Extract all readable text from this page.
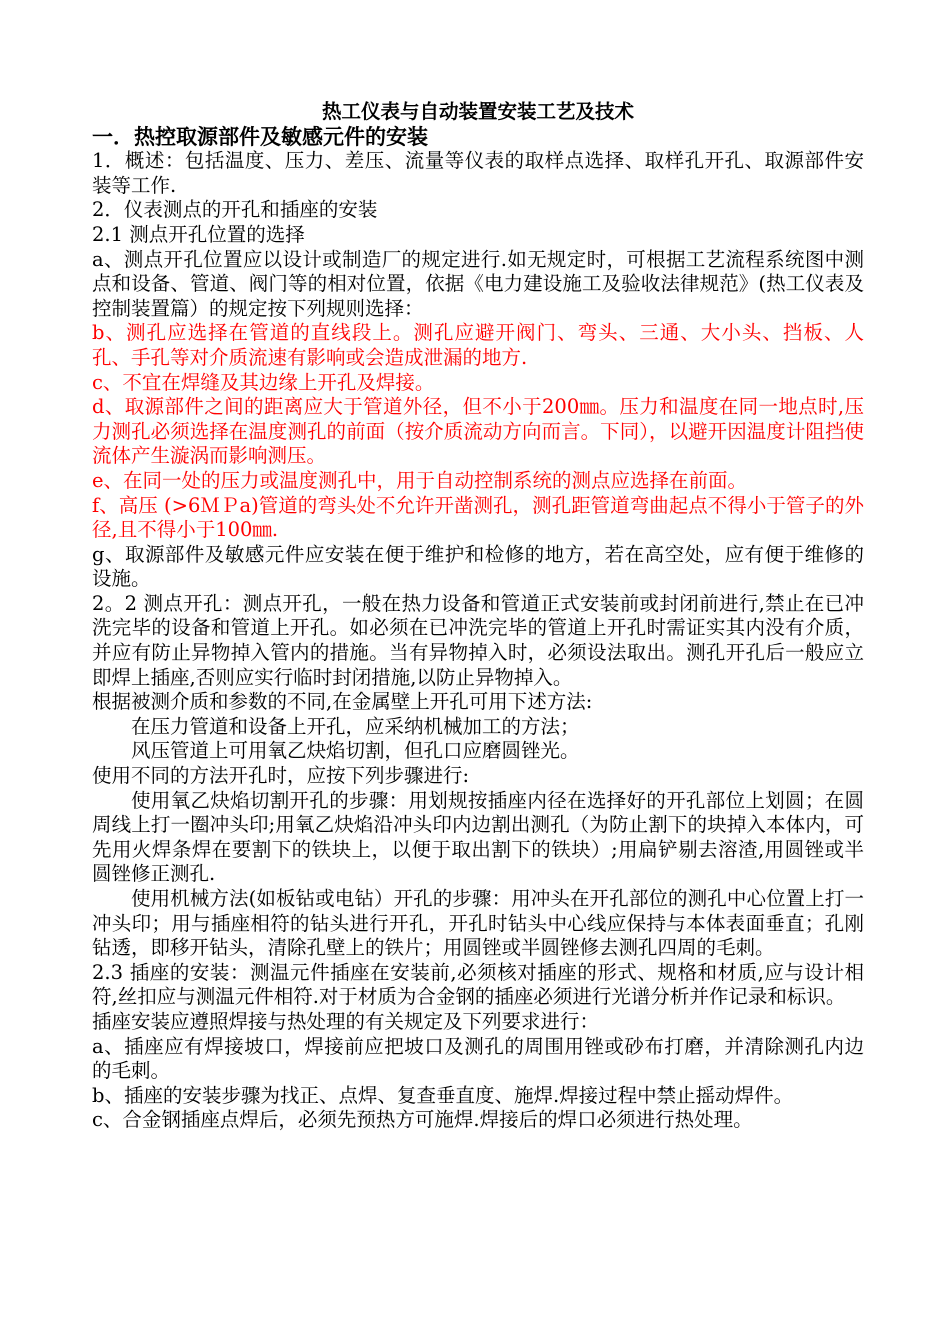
热工仪表与自动装置安装工艺及技术

一．热控取源部件及敏感元件的安装

1．概述：包括温度、压力、差压、流量等仪表的取样点选择、取样孔开孔、取源部件安装等工作.

2．仪表测点的开孔和插座的安装

2.1 测点开孔位置的选择

a、测点开孔位置应以设计或制造厂的规定进行.如无规定时，可根据工艺流程系统图中测点和设备、管道、阀门等的相对位置，依据《电力建设施工及验收法律规范》(热工仪表及控制装置篇）的规定按下列规则选择：

b、测孔应选择在管道的直线段上。测孔应避开阀门、弯头、三通、大小头、挡板、人孔、手孔等对介质流速有影响或会造成泄漏的地方.

c、不宜在焊缝及其边缘上开孔及焊接。

d、取源部件之间的距离应大于管道外径，但不小于200㎜。压力和温度在同一地点时,压力测孔必须选择在温度测孔的前面（按介质流动方向而言。下同），以避开因温度计阻挡使流体产生漩涡而影响测压。

e、在同一处的压力或温度测孔中，用于自动控制系统的测点应选择在前面。

f、高压 (>6ＭＰa)管道的弯头处不允许开凿测孔，测孔距管道弯曲起点不得小于管子的外径,且不得小于100㎜.

g、取源部件及敏感元件应安装在便于维护和检修的地方，若在高空处，应有便于维修的设施。

2。2 测点开孔：测点开孔，一般在热力设备和管道正式安装前或封闭前进行,禁止在已冲洗完毕的设备和管道上开孔。如必须在已冲洗完毕的管道上开孔时需证实其内没有介质，并应有防止异物掉入管内的措施。当有异物掉入时，必须设法取出。测孔开孔后一般应立即焊上插座,否则应实行临时封闭措施,以防止异物掉入。

根据被测介质和参数的不同,在金属壁上开孔可用下述方法:

在压力管道和设备上开孔，应采纳机械加工的方法；

风压管道上可用氧乙炔焰切割，但孔口应磨圆锉光。

使用不同的方法开孔时，应按下列步骤进行:

使用氧乙炔焰切割开孔的步骤：用划规按插座内径在选择好的开孔部位上划圆；在圆周线上打一圈冲头印;用氧乙炔焰沿冲头印内边割出测孔（为防止割下的块掉入本体内，可先用火焊条焊在要割下的铁块上，以便于取出割下的铁块）;用扁铲剔去溶渣,用圆锉或半圆锉修正测孔.

使用机械方法(如板钻或电钻）开孔的步骤：用冲头在开孔部位的测孔中心位置上打一冲头印；用与插座相符的钻头进行开孔，开孔时钻头中心线应保持与本体表面垂直；孔刚钻透，即移开钻头，清除孔壁上的铁片；用圆锉或半圆锉修去测孔四周的毛刺。

2.3 插座的安装：测温元件插座在安装前,必须核对插座的形式、规格和材质,应与设计相符,丝扣应与测温元件相符.对于材质为合金钢的插座必须进行光谱分析并作记录和标识。

插座安装应遵照焊接与热处理的有关规定及下列要求进行：

a、插座应有焊接坡口，焊接前应把坡口及测孔的周围用锉或砂布打磨，并清除测孔内边的毛刺。

b、插座的安装步骤为找正、点焊、复查垂直度、施焊.焊接过程中禁止摇动焊件。

c、合金钢插座点焊后，必须先预热方可施焊.焊接后的焊口必须进行热处理。
